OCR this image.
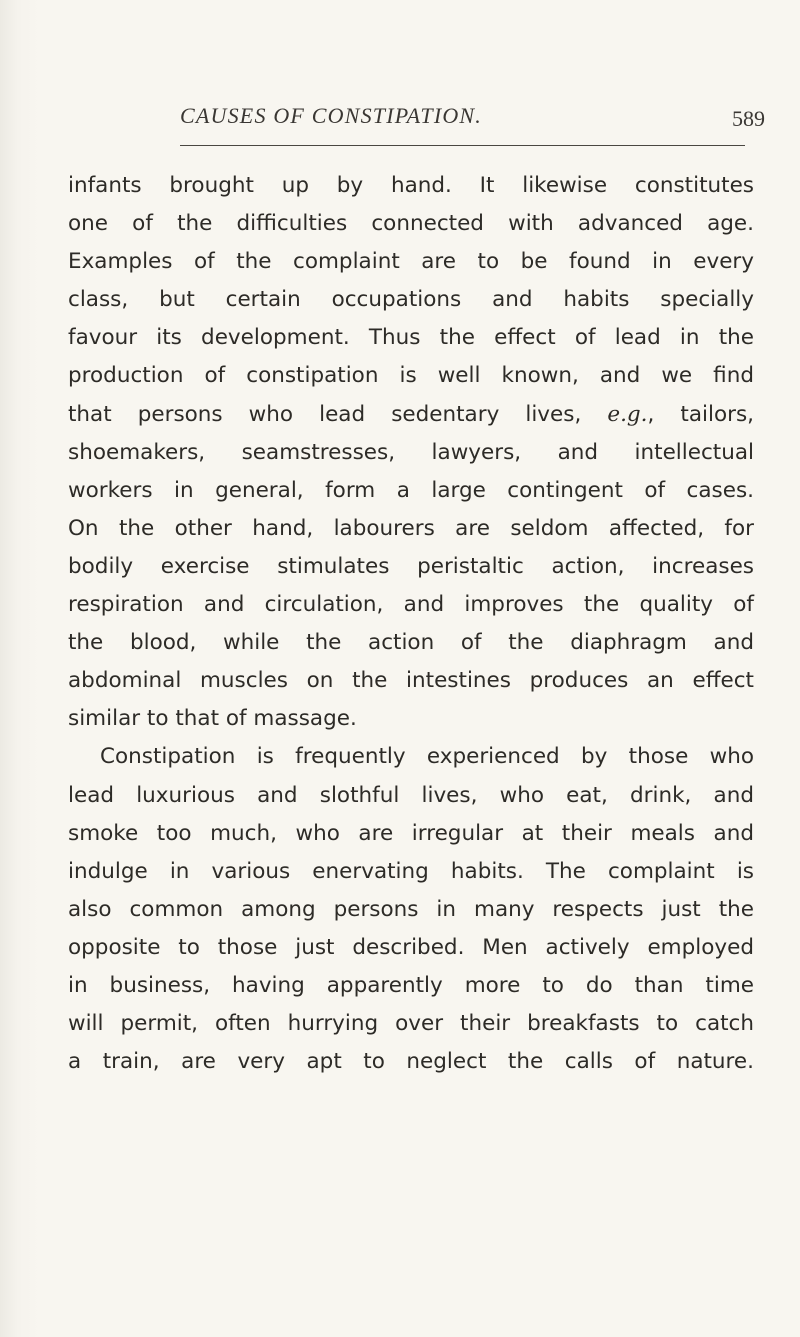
CAUSES OF CONSTIPATION.	589
infants brought up by hand. It likewise constitutes
one of the difficulties connected with advanced age.
Examples of the complaint are to be found in every
class, but certain occupations and habits specially
favour its development. Thus the effect of lead in the
production of constipation is well known, and we find
that persons who lead sedentary lives, e.g., tailors,
shoemakers, seamstresses, lawyers, and intellectual
workers in general, form a large contingent of cases.
On the other hand, labourers are seldom affected, for
bodily exercise stimulates peristaltic action, increases
respiration and circulation, and improves the quality of
the blood, while the action of the diaphragm and
abdominal muscles on the intestines produces an effect
similar to that of massage.
Constipation is frequently experienced by those who
lead luxurious and slothful lives, who eat, drink, and
smoke too much, who are irregular at their meals and
indulge in various enervating habits. The complaint is
also common among persons in many respects just the
opposite to those just described. Men actively employed
in business, having apparently more to do than time
will permit, often hurrying over their breakfasts to catch
a train, are very apt to neglect the calls of nature.
